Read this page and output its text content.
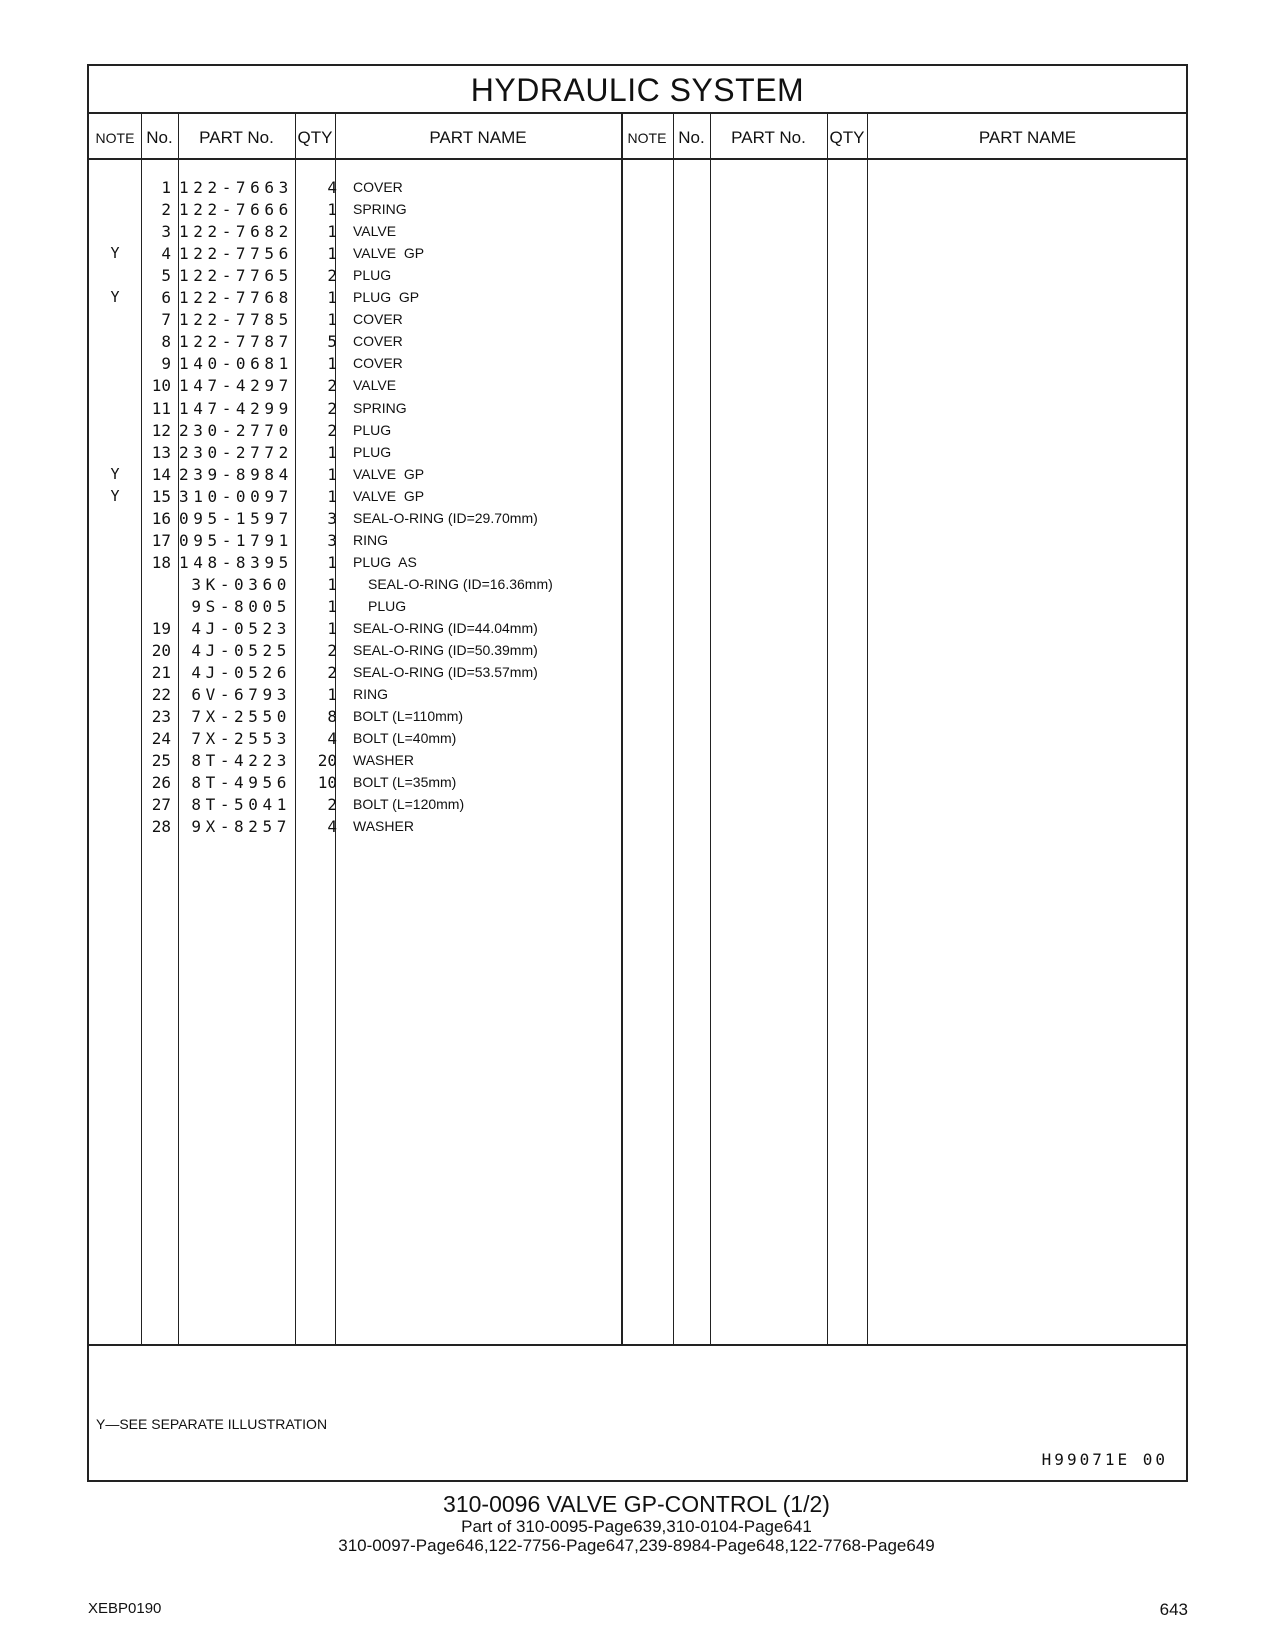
HYDRAULIC SYSTEM
NOTE No.	PART No.	QTY	PART NAME	NOTE No.	PART No.	QTY	PART NAME
1 122-7663	4 COVER
2 122-7666	1 SPRING
3 122-7682	1 VALVE
Y	4 122-7756	1 VALVE  GP
5 122-7765	2 PLUG
Y	6 122-7768	1 PLUG  GP
7 122-7785	1 COVER
8 122-7787	5 COVER
9 140-0681	1 COVER
10 147-4297	2 VALVE
11 147-4299	2 SPRING
12 230-2770	2 PLUG
13 230-2772	1 PLUG
Y	14 239-8984	1 VALVE  GP
Y	15 310-0097	1 VALVE  GP
16 095-1597	3 SEAL-O-RING (ID=29.70mm)
17 095-1791	3 RING
18 148-8395	1 PLUG  AS
3K-0360	1 SEAL-O-RING (ID=16.36mm)
9S-8005	1 PLUG
19	4J-0523	1 SEAL-O-RING (ID=44.04mm)
20	4J-0525	2 SEAL-O-RING (ID=50.39mm)
21	4J-0526	2 SEAL-O-RING (ID=53.57mm)
22	6V-6793	1 RING
23	7X-2550	8 BOLT (L=110mm)
24	7X-2553	4 BOLT (L=40mm)
25	8T-4223	20 WASHER
26	8T-4956	10 BOLT (L=35mm)
27	8T-5041	2 BOLT (L=120mm)
28	9X-8257	4 WASHER
Y—SEE SEPARATE ILLUSTRATION
H99071E 00
310-0096 VALVE GP-CONTROL (1/2)
Part of 310-0095-Page639,310-0104-Page641
310-0097-Page646,122-7756-Page647,239-8984-Page648,122-7768-Page649
XEBP0190	643
